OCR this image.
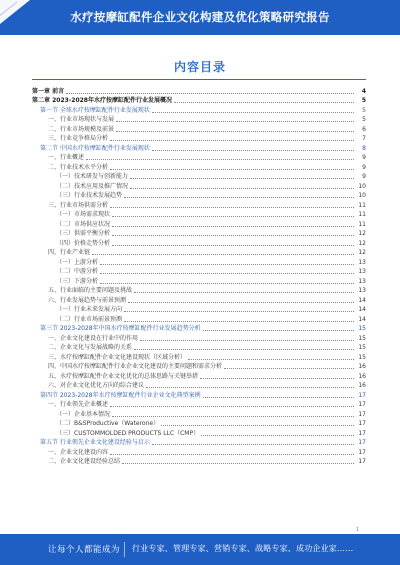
水疗按摩缸配件企业文化构建及优化策略研究报告
内容目录
第一章 前言	4
第二章 2023-2028年水疗按摩缸配件行业发展概况	5
第一节 全球水疗按摩缸配件行业发展现状	5
一、行业市场现状与发展	5
二、行业市场规模及前景	6
三、行业竞争格局分析	7
第二节 中国水疗按摩缸配件行业发展现状	8
一、行业概述	9
二、行业技术水平分析	9
（一）技术研发与创新能力	9
（二）技术应用及推广情况	10
（三）行业技术发展趋势	10
三、行业市场供需分析	11
（一）市场需求现状	11
（二）市场供应状况	11
（三）供需平衡分析	12
（四）价格走势分析	12
四、行业产业链	12
（一）上游分析	13
（二）中游分析	13
（三）下游分析	13
五、行业面临的主要问题及挑战	13
六、行业发展趋势与前景预测	14
（一）行业未来发展方向	14
（二）行业市场前景预测	14
第三节 2023-2028年中国水疗按摩缸配件行业发展趋势分析	15
一、企业文化建设在行业中的作用	15
二、企业文化与发展战略的关系	15
三、水疗按摩缸配件企业文化建设现状（区域分析）	15
四、中国水疗按摩缸配件行业企业文化建设的主要问题和需求分析	16
五、水疗按摩缸配件企业文化优化的总体思路与关键举措	16
六、对企业文化优化方向的综合建议	16
第四节 2023-2028年水疗按摩缸配件行业企业文化典型案例	17
一、行业领先企业概述	17
（一）企业基本情况	17
（二）B&SProductive（Waterone）	17
（三）CUSTOMMOLDED PRODUCTS LLC（CMP）	17
第五节 行业领先企业文化建设经验与启示	17
一、企业文化建设内容	17
二、企业文化建设经验总结	17
1
让每个人都能成为 行业专家、管理专家、营销专家、战略专家、成功企业家……
